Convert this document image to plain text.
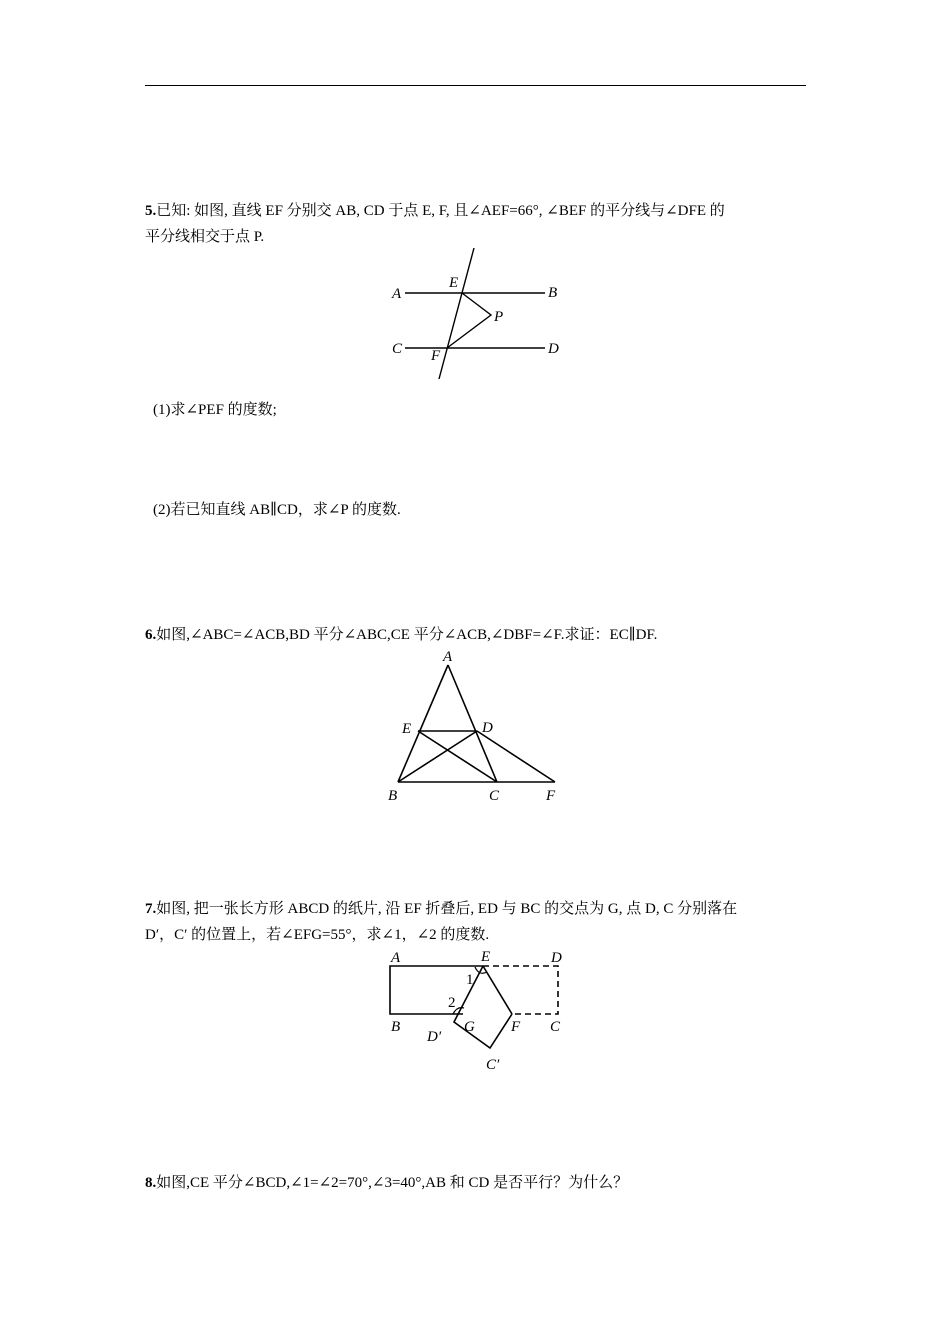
5.已知: 如图, 直线 EF 分别交 AB, CD 于点 E, F, 且∠AEF=66°, ∠BEF 的平分线与∠DFE 的
平分线相交于点 P.
A	B
C	D
E
F
P
(1)求∠PEF 的度数;
(2)若已知直线 AB∥CD，求∠P 的度数.
6.如图,∠ABC=∠ACB,BD 平分∠ABC,CE 平分∠ACB,∠DBF=∠F.求证：EC∥DF.
A
B	C
D
E
F
7.如图, 把一张长方形 ABCD 的纸片, 沿 EF 折叠后, ED 与 BC 的交点为 G, 点 D, C 分别落在
D′，C′ 的位置上，若∠EFG=55°，求∠1，∠2 的度数.
A	E	D
B	G F C
D′
C′
1
2
8.如图,CE 平分∠BCD,∠1=∠2=70°,∠3=40°,AB 和 CD 是否平行？为什么？
